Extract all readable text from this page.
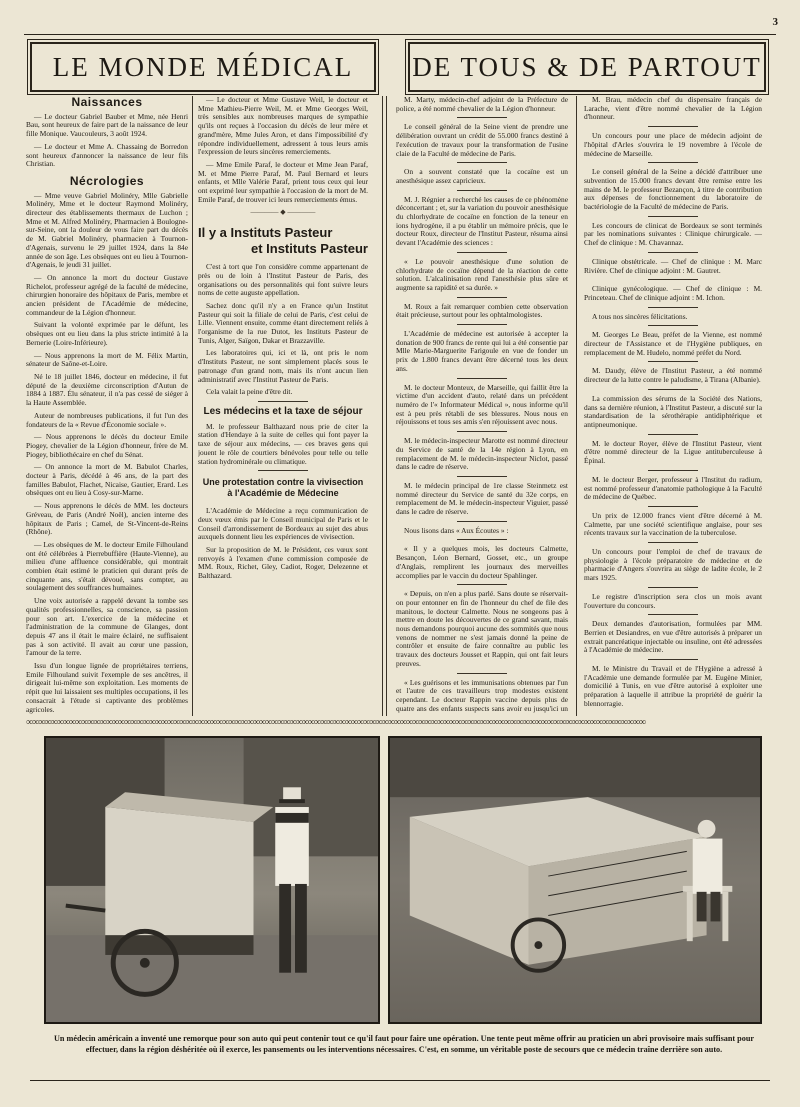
3
LE MONDE MÉDICAL	DE TOUS & DE PARTOUT
Naissances

— Le docteur Gabriel Bauber et Mme, née Henri Bau, sont heureux de faire part de la naissance de leur fille Monique. Vaucouleurs, 3 août 1924.

— Le docteur et Mme A. Chassaing de Borredon sont heureux d'annoncer la naissance de leur fils Christian.

Nécrologies

— Mme veuve Gabriel Molinéry, Mlle Gabrielle Molinéry, Mme et le docteur Raymond Molinéry, directeur des établissements thermaux de Luchon ; Mme et M. Alfred Molinéry, Pharmacien à Boulogne-sur-Seine, ont la douleur de vous faire part du décès de M. Gabriel Molinéry, pharmacien à Tournon-d'Agenais, survenu le 29 juillet 1924, dans la 84e année de son âge. Les obsèques ont eu lieu à Tournon-d'Agenais, le jeudi 31 juillet.

— On annonce la mort du docteur Gustave Richelot, professeur agrégé de la faculté de médecine, chirurgien honoraire des hôpitaux de Paris, membre et ancien président de l'Académie de médecine, commandeur de la Légion d'honneur.

Suivant la volonté exprimée par le défunt, les obsèques ont eu lieu dans la plus stricte intimité à la Bernerie (Loire-Inférieure).

— Nous apprenons la mort de M. Félix Martin, sénateur de Saône-et-Loire.

Né le 18 juillet 1846, docteur en médecine, il fut député de la deuxième circonscription d'Autun de 1884 à 1887. Élu sénateur, il n'a pas cessé de siéger à la Haute Assemblée.

Auteur de nombreuses publications, il fut l'un des fondateurs de la « Revue d'Économie sociale ».

— Nous apprenons le décès du docteur Emile Piogey, chevalier de la Légion d'honneur, frère de M. Piogey, bibliothécaire en chef du Sénat.

— On annonce la mort de M. Babulot Charles, docteur à Paris, décédé à 46 ans, de la part des familles Babulot, Flachet, Nicaise, Gautier, Erard. Les obsèques ont eu lieu à Cosy-sur-Marne.

— Nous apprenons le décès de MM. les docteurs Gréveau, de Paris (André Noël), ancien interne des hôpitaux de Paris ; Camel, de St-Vincent-de-Reins (Rhône).

— Les obsèques de M. le docteur Emile Filhouland ont été célébrées à Pierrebuffière (Haute-Vienne), au milieu d'une affluence considérable, qui montrait combien était estimé le praticien qui durant près de cinquante ans, s'était dévoué, sans compter, au soulagement des souffrances humaines.

Une voix autorisée a rappelé devant la tombe ses qualités professionnelles, sa conscience, sa passion pour son art. L'exercice de la médecine et l'administration de la commune de Glanges, dont depuis 47 ans il était le maire éclairé, ne suffisaient pas à son activité. Il avait au cœur une passion, l'amour de la terre.

Issu d'un longue lignée de propriétaires terriens, Emile Filhouland suivit l'exemple de ses ancêtres, il dirigeait lui-même son exploitation. Les moments de répit que lui laissaient ses multiples occupations, il les consacrait à l'étude si captivante des problèmes agricoles.

— Le docteur et Mme Gustave Weil, le docteur et Mme Mathieu-Pierre Weil, M. et Mme Georges Weil, très sensibles aux nombreuses marques de sympathie qu'ils ont reçues à l'occasion du décès de leur mère et grand'mère, Mme Jules Aron, et dans l'impossibilité d'y répondre individuellement, adressent à tous leurs amis l'expression de leurs sincères remerciements.

— Mme Emile Paraf, le docteur et Mme Jean Paraf, M. et Mme Pierre Paraf, M. Paul Bernard et leurs enfants, et Mlle Valérie Paraf, prient tous ceux qui leur ont exprimé leur sympathie à l'occasion de la mort de M. Emile Paraf, de trouver ici leurs remerciements émus.

———— ◆ ————
Il y a Instituts Pasteur
et Instituts Pasteur

C'est à tort que l'on considère comme appartenant de près ou de loin à l'Institut Pasteur de Paris, des organisations ou des personnalités qui font suivre leurs noms de cette auguste appellation.

Sachez donc qu'il n'y a en France qu'un Institut Pasteur qui soit la filiale de celui de Paris, c'est celui de Lille. Viennent ensuite, comme étant directement reliés à l'organisme de la rue Dutot, les Instituts Pasteur de Tunis, Alger, Saïgon, Dakar et Brazzaville.

Les laboratoires qui, ici et là, ont pris le nom d'Instituts Pasteur, ne sont simplement placés sous le patronage d'un grand nom, mais ils n'ont aucun lien administratif avec l'Institut Pasteur de Paris.

Cela valait la peine d'être dit.

Les médecins et la taxe de séjour

M. le professeur Balthazard nous prie de citer la station d'Hendaye à la suite de celles qui font payer la taxe de séjour aux médecins, — ces braves gens qui jouent le rôle de courtiers bénévoles pour telle ou telle station hydrominérale ou climatique.

Une protestation contre la vivisection
à l'Académie de Médecine

L'Académie de Médecine a reçu communication de deux vœux émis par le Conseil municipal de Paris et le Conseil d'arrondissement de Bordeaux au sujet des abus auxquels donnent lieu les expériences de vivisection.

Sur la proposition de M. le Président, ces vœux sont renvoyés à l'examen d'une commission composée de MM. Roux, Richet, Gley, Cadiot, Roger, Delezenne et Balthazard.

M. Marty, médecin-chef adjoint de la Préfecture de police, a été nommé chevalier de la Légion d'honneur.

Le conseil général de la Seine vient de prendre une délibération ouvrant un crédit de 55.000 francs destiné à l'exécution de travaux pour la transformation de l'usine claie de la Faculté de médecine de Paris.

On a souvent constaté que la cocaïne est un anesthésique assez capricieux.

M. J. Régnier a recherché les causes de ce phénomène déconcertant ; et, sur la variation du pouvoir anesthésique du chlorhydrate de cocaïne en fonction de la teneur en ions hydrogène, il a pu établir un mémoire précis, que le docteur Roux, directeur de l'Institut Pasteur, résuma ainsi devant l'Académie des sciences :

« Le pouvoir anesthésique d'une solution de chlorhydrate de cocaïne dépend de la réaction de cette solution. L'alcalinisation rend l'anesthésie plus sûre et augmente sa rapidité et sa durée. »

M. Roux a fait remarquer combien cette observation était précieuse, surtout pour les ophtalmologistes.

L'Académie de médecine est autorisée à accepter la donation de 900 francs de rente qui lui a été consentie par Mlle Marie-Marguerite Farigoule en vue de fonder un prix de 1.800 francs devant être décerné tous les deux ans.

M. le docteur Monteux, de Marseille, qui faillit être la victime d'un accident d'auto, relaté dans un précédent numéro de l'« Informateur Médical », nous informe qu'il est à peu près rétabli de ses blessures. Nous nous en réjouissons et tous ses amis s'en réjouissent avec nous.

M. le médecin-inspecteur Marotte est nommé directeur du Service de santé de la 14e région à Lyon, en remplacement de M. le médecin-inspecteur Niclot, passé dans le cadre de réserve.

M. le médecin principal de 1re classe Steinmetz est nommé directeur du Service de santé du 32e corps, en remplacement de M. le médecin-inspecteur Viguier, passé dans le cadre de réserve.

Nous lisons dans « Aux Écoutes » :

« Il y a quelques mois, les docteurs Calmette, Besançon, Léon Bernard, Gosset, etc., un groupe d'Anglais, remplirent les journaux des merveilles accomplies par le vaccin du docteur Spahlinger.

« Depuis, on n'en a plus parlé. Sans doute se réservait-on pour entonner en fin de l'honneur du chef de file des manitous, le docteur Calmette. Nous ne songeons pas à mettre en doute les découvertes de ce grand savant, mais nous demandons pourquoi aucune des sommités que nous venons de nommer ne s'est jamais donné la peine de contrôler et ensuite de faire connaître au public les travaux des docteurs Jousset et Rappin, qui ont fait leurs preuves.

« Les guérisons et les immunisations obtenues par l'un et l'autre de ces travailleurs trop modestes existent cependant. Le docteur Rappin vaccine depuis plus de quatre ans des enfants suspects sans avoir eu jusqu'ici un

M. Brau, médecin chef du dispensaire français de Larache, vient d'être nommé chevalier de la Légion d'honneur.

Un concours pour une place de médecin adjoint de l'hôpital d'Arles s'ouvrira le 19 novembre à l'école de médecine de Marseille.

Le conseil général de la Seine a décidé d'attribuer une subvention de 15.000 francs devant être remise entre les mains de M. le professeur Bezançon, à titre de contribution aux dépenses de fonctionnement du laboratoire de bactériologie de la Faculté de médecine de Paris.

Les concours de clinicat de Bordeaux se sont terminés par les nominations suivantes : Clinique chirurgicale. — Chef de clinique : M. Chavannaz.

Clinique obstétricale. — Chef de clinique : M. Marc Rivière. Chef de clinique adjoint : M. Gautret.

Clinique gynécologique. — Chef de clinique : M. Princeteau. Chef de clinique adjoint : M. Ichon.

A tous nos sincères félicitations.

M. Georges Le Beau, préfet de la Vienne, est nommé directeur de l'Assistance et de l'Hygiène publiques, en remplacement de M. Hudelo, nommé préfet du Nord.

M. Daudy, élève de l'Institut Pasteur, a été nommé directeur de la lutte contre le paludisme, à Tirana (Albanie).

La commission des sérums de la Société des Nations, dans sa dernière réunion, à l'Institut Pasteur, a discuté sur la standardisation de la sérothérapie antidiphtérique et antipneumonique.

M. le docteur Royer, élève de l'Institut Pasteur, vient d'être nommé directeur de la Ligue antituberculeuse à Épinal.

M. le docteur Berger, professeur à l'Institut du radium, est nommé professeur d'anatomie pathologique à la Faculté de médecine de Québec.

Un prix de 12.000 francs vient d'être décerné à M. Calmette, par une société scientifique anglaise, pour ses récents travaux sur la vaccination de la tuberculose.

Un concours pour l'emploi de chef de travaux de physiologie à l'école préparatoire de médecine et de pharmacie d'Angers s'ouvrira au siège de ladite école, le 2 mars 1925.

Le registre d'inscription sera clos un mois avant l'ouverture du concours.

Deux demandes d'autorisation, formulées par MM. Berrien et Desiandres, en vue d'être autorisés à préparer un extrait pancréatique injectable ou insuline, ont été adressées à l'Académie de médecine.

M. le Ministre du Travail et de l'Hygiène a adressé à l'Académie une demande formulée par M. Eugène Minier, domicilié à Tunis, en vue d'être autorisé à exploiter une préparation à laquelle il attribue la propriété de guérir la blennorragie.

∞∞∞∞∞∞∞∞∞∞∞∞∞∞∞∞∞∞∞∞∞∞∞∞∞∞∞∞∞∞∞∞∞∞∞∞∞∞∞∞∞∞∞∞∞∞∞∞∞∞∞∞∞∞∞∞∞∞∞∞∞∞∞∞∞∞∞∞∞∞∞∞∞∞∞∞∞∞∞∞∞∞∞∞∞∞∞∞∞∞∞∞∞∞∞∞∞∞∞∞∞
Un médecin américain a inventé une remorque pour son auto qui peut contenir tout ce qu'il faut pour faire une opération. Une tente peut même offrir au praticien un abri provisoire mais suffisant pour effectuer, dans la région déshéritée où il exerce, les pansements ou les interventions nécessaires. C'est, en somme, un véritable poste de secours que ce médecin traîne derrière son auto.
